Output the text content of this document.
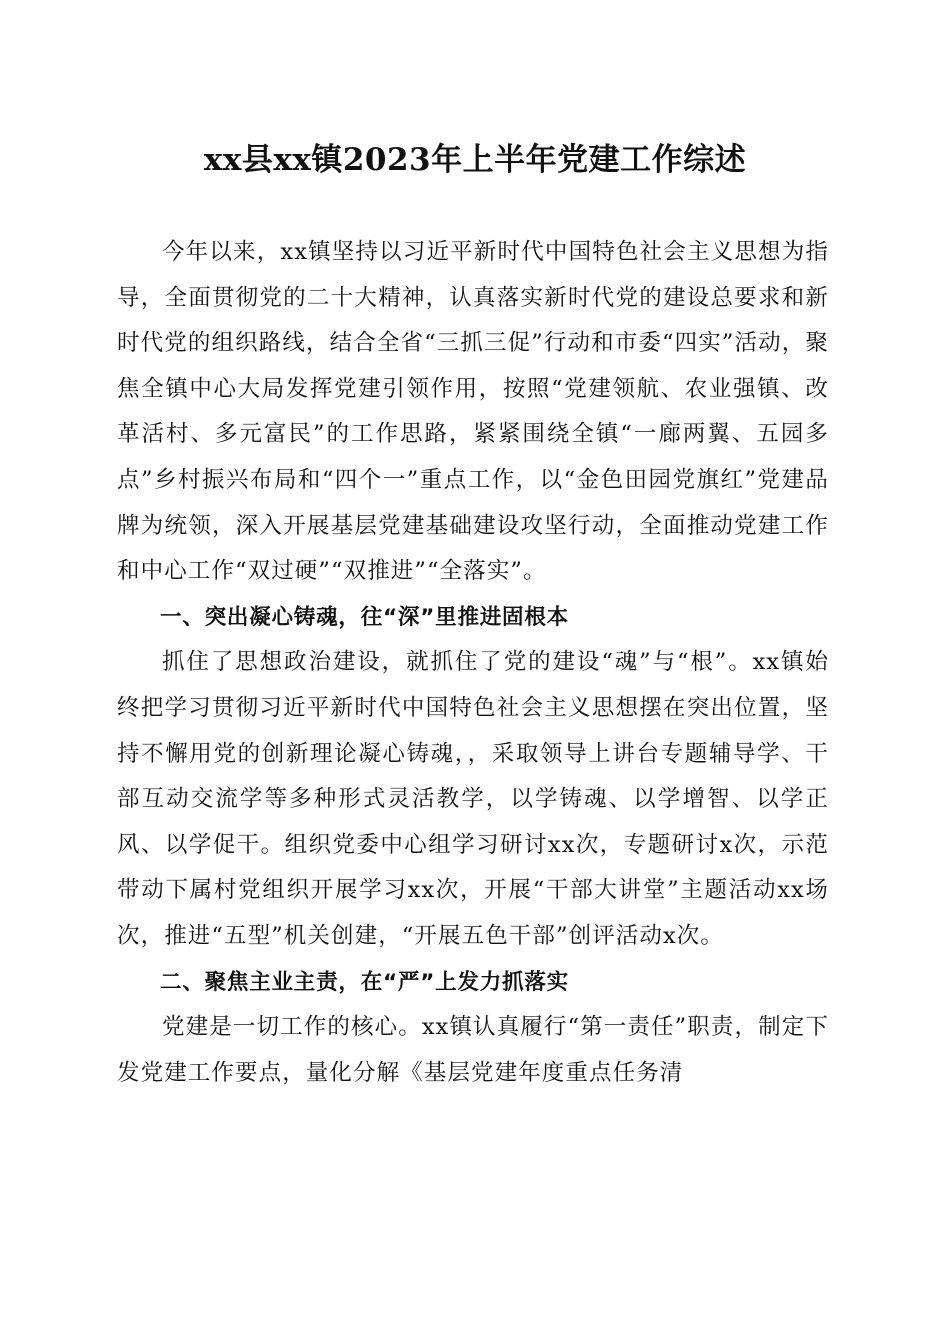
xx县xx镇2023年上半年党建工作综述

今年以来，xx镇坚持以习近平新时代中国特色社会主义思想为指导，全面贯彻党的二十大精神，认真落实新时代党的建设总要求和新时代党的组织路线，结合全省“三抓三促”行动和市委“四实”活动，聚焦全镇中心大局发挥党建引领作用，按照“党建领航、农业强镇、改革活村、多元富民”的工作思路，紧紧围绕全镇“一廊两翼、五园多点”乡村振兴布局和“四个一”重点工作，以“金色田园党旗红”党建品牌为统领，深入开展基层党建基础建设攻坚行动，全面推动党建工作和中心工作“双过硬”“双推进”“全落实”。

一、突出凝心铸魂，往“深”里推进固根本

抓住了思想政治建设，就抓住了党的建设“魂”与“根”。xx镇始终把学习贯彻习近平新时代中国特色社会主义思想摆在突出位置，坚持不懈用党的创新理论凝心铸魂，，采取领导上讲台专题辅导学、干部互动交流学等多种形式灵活教学，以学铸魂、以学增智、以学正风、以学促干。组织党委中心组学习研讨xx次，专题研讨x次，示范带动下属村党组织开展学习xx次，开展“干部大讲堂”主题活动xx场次，推进“五型”机关创建，“开展五色干部”创评活动x次。

二、聚焦主业主责，在“严”上发力抓落实

党建是一切工作的核心。xx镇认真履行“第一责任”职责，制定下发党建工作要点，量化分解《基层党建年度重点任务清
